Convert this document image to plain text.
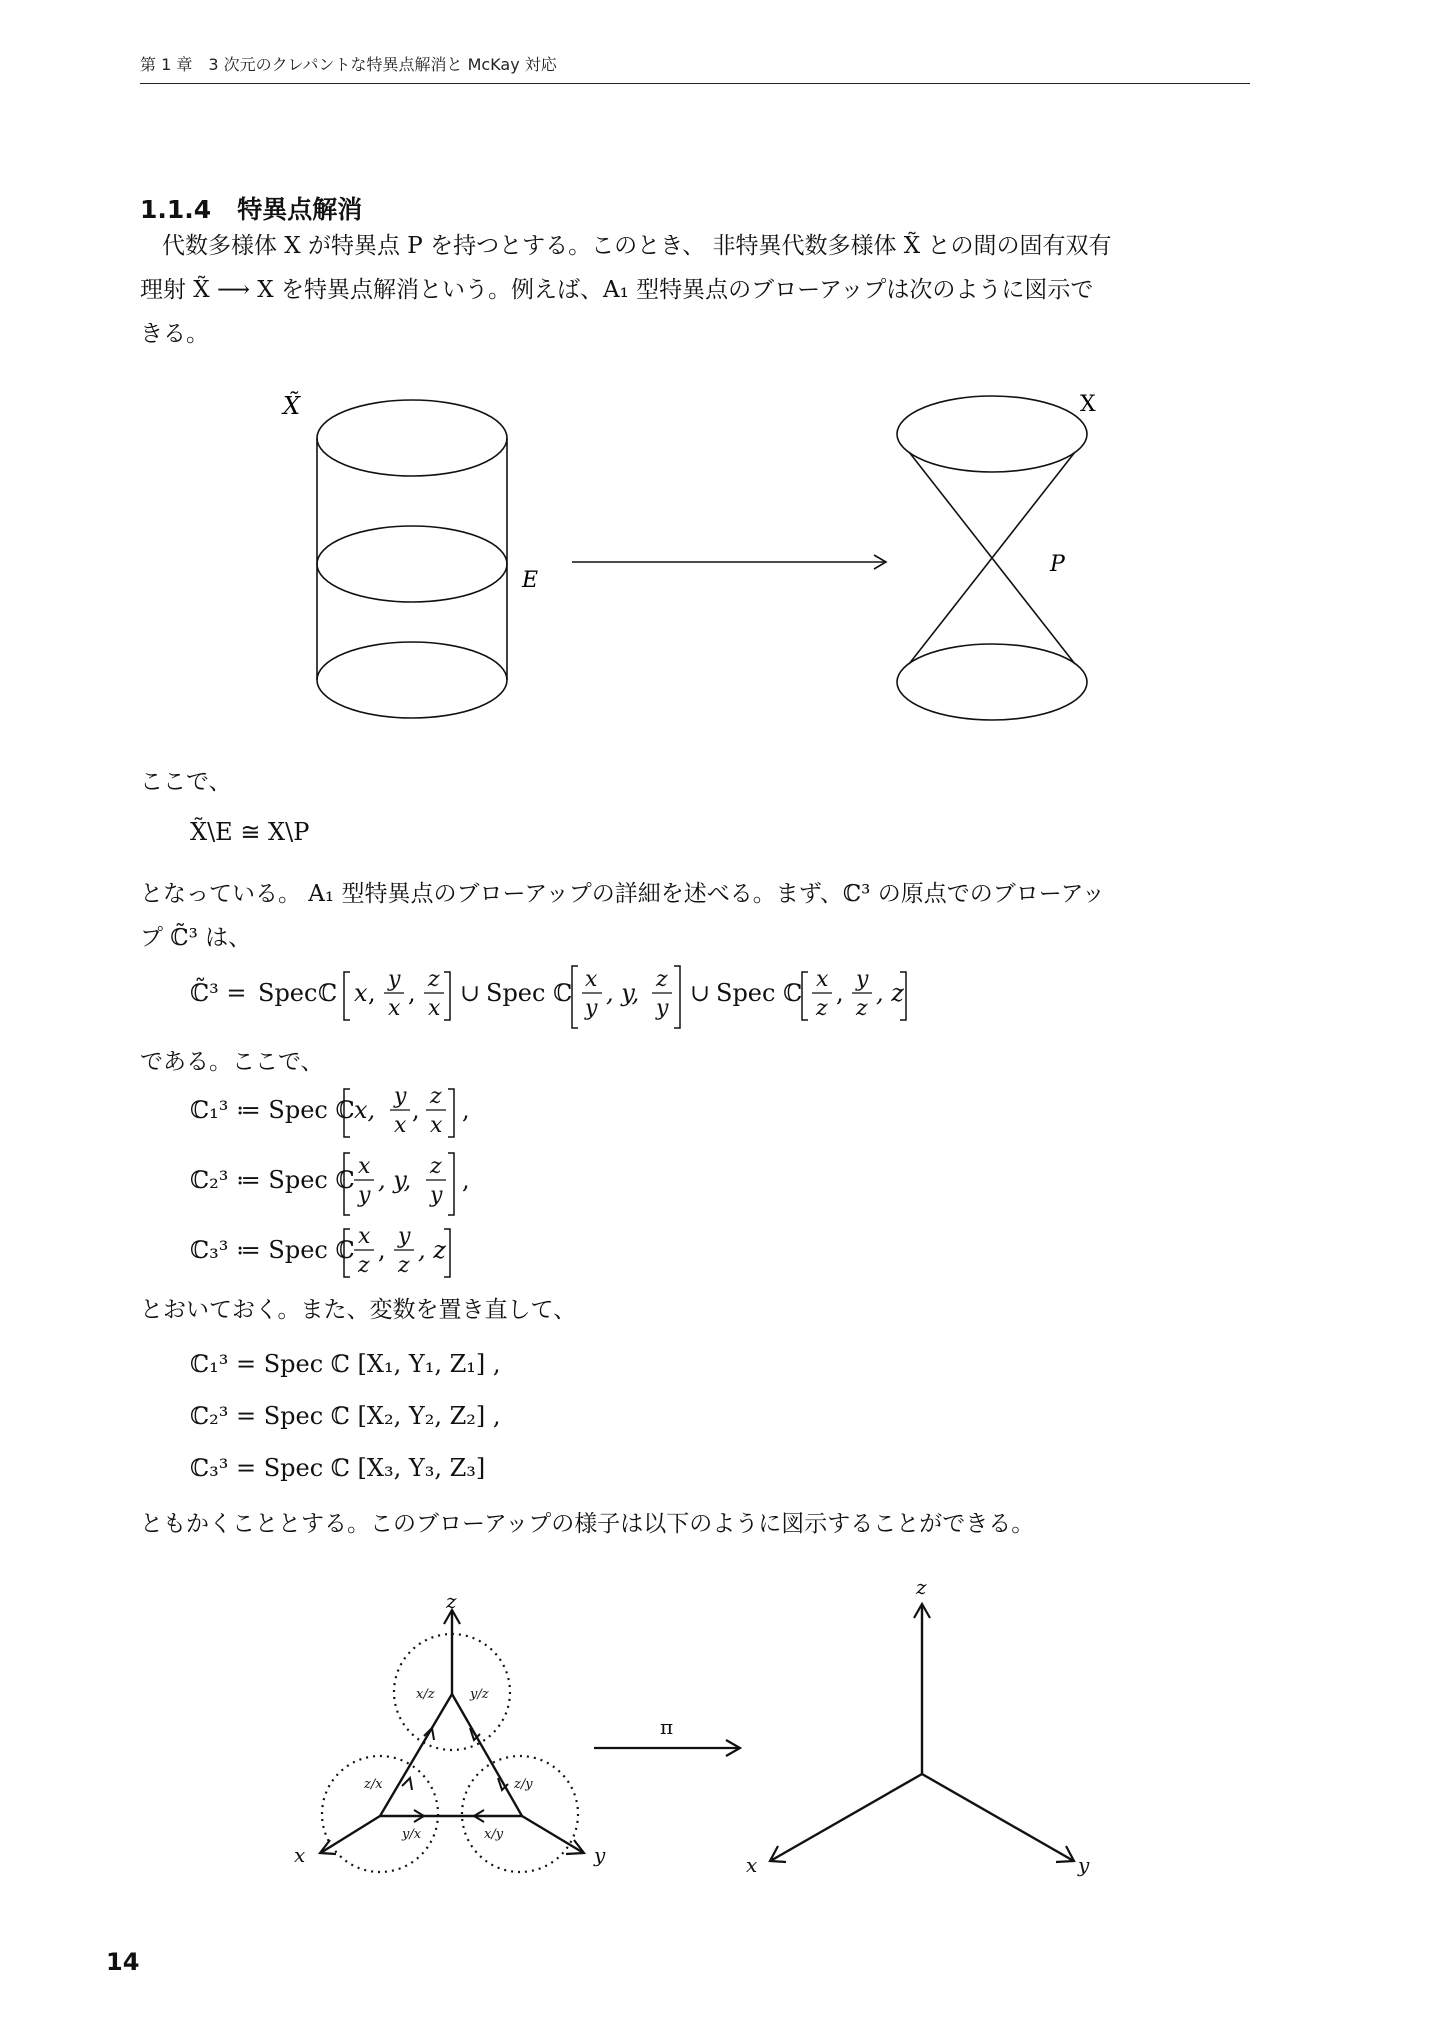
第 1 章　3 次元のクレパントな特異点解消と McKay 対応
1.1.4 特異点解消
代数多様体 X が特異点 P を持つとする。このとき、 非特異代数多様体 X̃ との間の固有双有
理射 X̃ ⟶ X を特異点解消という。例えば、A₁ 型特異点のブローアップは次のように図示で
きる。
X̃	X
E
P
ここで、
X̃\E ≅ X\P
となっている。 A₁ 型特異点のブローアップの詳細を述べる。まず、ℂ³ の原点でのブローアッ
プ ℂ̃³ は、
ℂ̃³ = Spec ℂ x , y
x
, z
x
∪ Spec ℂ x
y
, y, z
y
∪ Spec ℂ x
z
, y
z
, z
ℂ₁³ ≔ Spec ℂ x, y
x
, z
x
,
ℂ₂³ ≔ Spec ℂ x
y
, y, z
y
,
ℂ₃³ ≔ Spec ℂ x
z
, y
z
, z
である。ここで、
とおいておく。また、変数を置き直して、
ℂ₁³ = Spec ℂ [X₁, Y₁, Z₁] ,
ℂ₂³ = Spec ℂ [X₂, Y₂, Z₂] ,
ℂ₃³ = Spec ℂ [X₃, Y₃, Z₃]
ともかくこととする。このブローアップの様子は以下のように図示することができる。
z
x	y
z
x	y
π
x/z	y/z
z/x
y/x
z/y
x/y
14
